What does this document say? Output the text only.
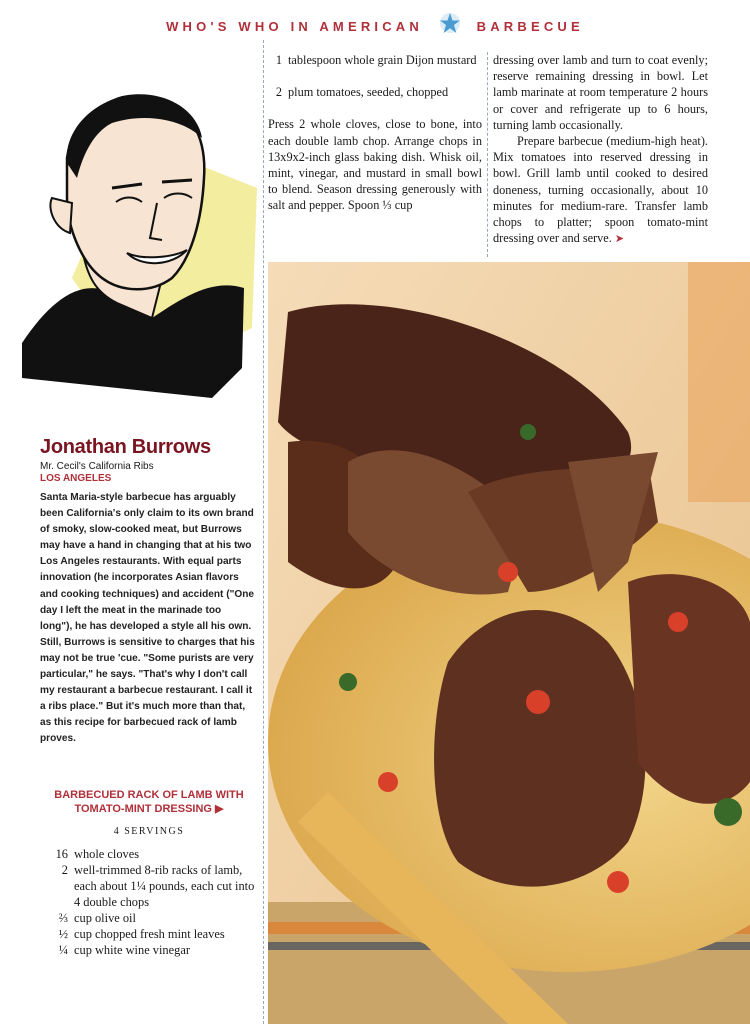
WHO'S WHO IN AMERICAN	BARBECUE
Jonathan Burrows
Mr. Cecil's California Ribs
LOS ANGELES
Santa Maria-style barbecue has arguably been California's only claim to its own brand of smoky, slow-cooked meat, but Burrows may have a hand in changing that at his two Los Angeles restaurants. With equal parts innovation (he incorporates Asian flavors and cooking techniques) and accident ("One day I left the meat in the marinade too long"), he has developed a style all his own. Still, Burrows is sensitive to charges that his may not be true 'cue. "Some purists are very particular," he says. "That's why I don't call my restaurant a barbecue restaurant. I call it a ribs place." But it's much more than that, as this recipe for barbecued rack of lamb proves.
BARBECUED RACK OF LAMB WITH TOMATO-MINT DRESSING ▶
4 SERVINGS
16 whole cloves
2 well-trimmed 8-rib racks of lamb, each about 1¼ pounds, each cut into 4 double chops
⅔ cup olive oil
½ cup chopped fresh mint leaves
¼ cup white wine vinegar
1 tablespoon whole grain Dijon mustard
2 plum tomatoes, seeded, chopped
Press 2 whole cloves, close to bone, into each double lamb chop. Arrange chops in 13x9x2-inch glass baking dish. Whisk oil, mint, vinegar, and mustard in small bowl to blend. Season dressing generously with salt and pepper. Spoon ⅓ cup

dressing over lamb and turn to coat evenly; reserve remaining dressing in bowl. Let lamb marinate at room temperature 2 hours or cover and refrigerate up to 6 hours, turning lamb occasionally.

Prepare barbecue (medium-high heat). Mix tomatoes into reserved dressing in bowl. Grill lamb until cooked to desired doneness, turning occasionally, about 10 minutes for medium-rare. Transfer lamb chops to platter; spoon tomato-mint dressing over and serve. ➤
